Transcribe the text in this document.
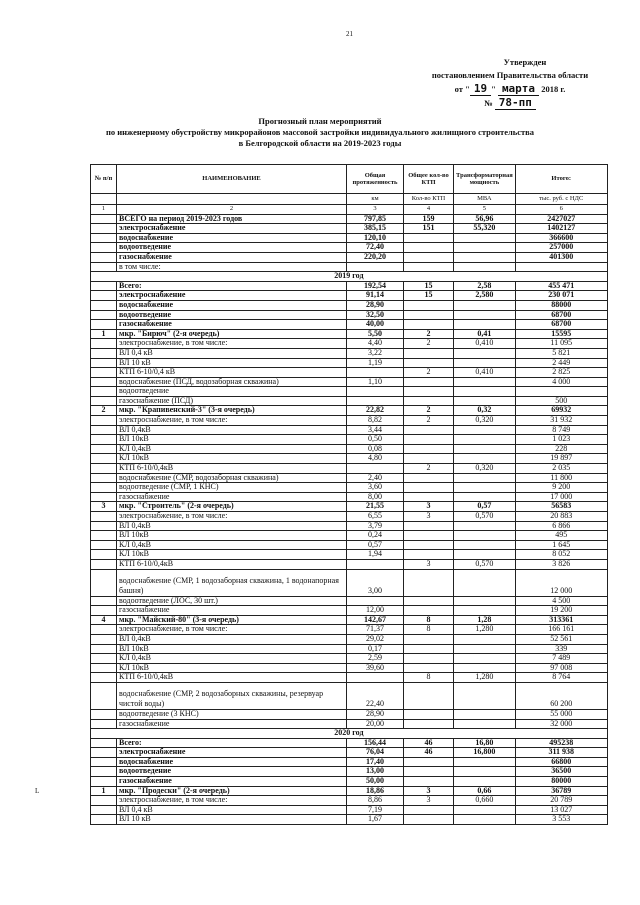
21
Утвержден
постановлением Правительства области
от " 19 " марта 2018 г.
№ 78-пп
Прогнозный план мероприятий
по инженерному обустройству микрорайонов массовой застройки индивидуального жилищного строительства
в Белгородской области на 2019-2023 годы
№ п/п	НАИМЕНОВАНИЕ	Общая протяженность	Общее кол-во КТП	Трансформаторная мощность	Итого:
		км	Кол-во КТП	МВА	тыс. руб. с НДС
1	2	3	4	5	6
	ВСЕГО на период 2019-2023 годов	797,85	159	56,96	2427027
	электроснабжение	385,15	151	55,320	1402127
	водоснабжение	120,10			366600
	водоотведение	72,40			257000
	газоснабжение	220,20			401300
	в том числе:				
2019 год					
	Всего:	192,54	15	2,58	455 471
	электроснабжение	91,14	15	2,580	230 071
	водоснабжение	28,90			88000
	водоотведение	32,50			68700
	газоснабжение	40,00			68700
1	мкр. "Бирюч" (2-я очередь)	5,50	2	0,41	15595
	электроснабжение, в том числе:	4,40	2	0,410	11 095
	ВЛ 0,4 кВ	3,22			5 821
	ВЛ 10 кВ	1,19			2 449
	КТП 6-10/0,4 кВ		2	0,410	2 825
	водоснабжение (ПСД, водозаборная скважина)	1,10			4 000
	водоотведение				
	газоснабжение (ПСД)				500
2	мкр. "Крапивенский-3" (3-я очередь)	22,82	2	0,32	69932
	электроснабжение, в том числе:	8,82	2	0,320	31 932
	ВЛ 0,4кВ	3,44			8 749
	ВЛ 10кВ	0,50			1 023
	КЛ 0,4кВ	0,08			228
	КЛ 10кВ	4,80			19 897
	КТП 6-10/0,4кВ		2	0,320	2 035
	водоснабжение (СМР, водозаборная скважина)	2,40			11 800
	водоотведение (СМР, 1 КНС)	3,60			9 200
	газоснабжение	8,00			17 000
3	мкр. "Строитель" (2-я очередь)	21,55	3	0,57	56583
	электроснабжение, в том числе:	6,55	3	0,570	20 883
	ВЛ 0,4кВ	3,79			6 866
	ВЛ 10кВ	0,24			495
	КЛ 0,4кВ	0,57			1 645
	КЛ 10кВ	1,94			8 052
	КТП 6-10/0,4кВ		3	0,570	3 826
	водоснабжение (СМР, 1 водозаборная скважина, 1 водонапорная башня)	3,00			12 000
	водоотведение (ЛОС, 30 шт.)				4 500
	газоснабжение	12,00			19 200
4	мкр. "Майский-80" (3-я очередь)	142,67	8	1,28	313361
	электроснабжение, в том числе:	71,37	8	1,280	166 161
	ВЛ 0,4кВ	29,02			52 561
	ВЛ 10кВ	0,17			339
	КЛ 0,4кВ	2,59			7 489
	КЛ 10кВ	39,60			97 008
	КТП 6-10/0,4кВ		8	1,280	8 764
	водоснабжение (СМР, 2 водозаборных скважины, резервуар чистой воды)	22,40			60 200
	водоотведение (3 КНС)	28,90			55 000
	газоснабжение	20,00			32 000
2020 год					
	Всего:	156,44	46	16,80	495238
	электроснабжение	76,04	46	16,800	311 938
	водоснабжение	17,40			66800
	водоотведение	13,00			36500
	газоснабжение	50,00			80000
1	мкр. "Продески" (2-я очередь)	18,86	3	0,66	36789
	электроснабжение, в том числе:	8,86	3	0,660	20 789
	ВЛ 0,4 кВ	7,19			13 027
	ВЛ 10 кВ	1,67			3 553
L
